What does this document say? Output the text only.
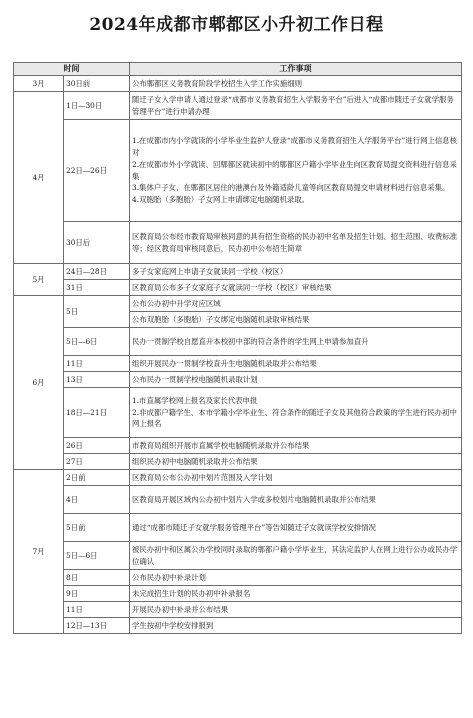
2024年成都市郫都区小升初工作日程
时间		工作事项
3月	30日前	公布郫都区义务教育阶段学校招生入学工作实施细则
4月	1日—30日	随迁子女入学申请人通过登录“成都市义务教育招生入学服务平台”后进入“成都市随迁子女就学服务管理平台”进行申请办理
	22日—26日	1.在成都市内小学就读的小学毕业生监护人登录“成都市义务教育招生入学服务平台”进行网上信息核对
2.在成都市外小学就读、回郫都区就读初中的郫都区户籍小学毕业生向区教育局提交资料进行信息采集
3.集体户子女、在郫都区居住的港澳台及外籍适龄儿童等向区教育局提交申请材料进行信息采集。
4.双胞胎（多胞胎）子女网上申请绑定电脑随机录取。
	30日后	区教育局公布经市教育局审核同意的具有招生资格的民办初中名单及招生计划、招生范围、收费标准等；经区教育局审核同意后，民办初中公布招生简章
5月	24日—28日	多子女家庭网上申请子女就读同一学校（校区）
	31日	区教育局公布多子女家庭子女就读同一学校（校区）审核结果
6月	5日	公布公办初中升学对应区域
		公布双胞胎（多胞胎）子女绑定电脑随机录取审核结果
	5日—6日	民办一贯制学校自愿直升本校初中部的符合条件的学生网上申请参加直升
	11日	组织开展民办一贯制学校直升生电脑随机录取并公布结果
	13日	公布民办一贯制学校电脑随机录取计划
	18日—21日	1.市直属学校网上报名及家长代表申报
2.非成都户籍学生、本市学籍小学毕业生、符合条件的随迁子女及其他符合政策的学生进行民办初中网上报名
	26日	市教育局组织开展市直属学校电脑随机录取并公布结果
	27日	组织民办初中电脑随机录取并公布结果
7月	2日前	区教育局公布公办初中划片范围及入学计划
	4日	区教育局开展区域内公办初中划片入学或多校划片电脑随机录取并公布结果
	5日前	通过“成都市随迁子女就学服务管理平台”等告知随迁子女就读学校安排情况
	5日—6日	被民办初中和区属公办学校同时录取的郫都户籍小学毕业生，其法定监护人在网上进行公办或民办学位确认
	8日	公布民办初中补录计划
	9日	未完成招生计划的民办初中补录报名
	11日	开展民办初中补录并公布结果
	12日—13日	学生按初中学校安排报到
